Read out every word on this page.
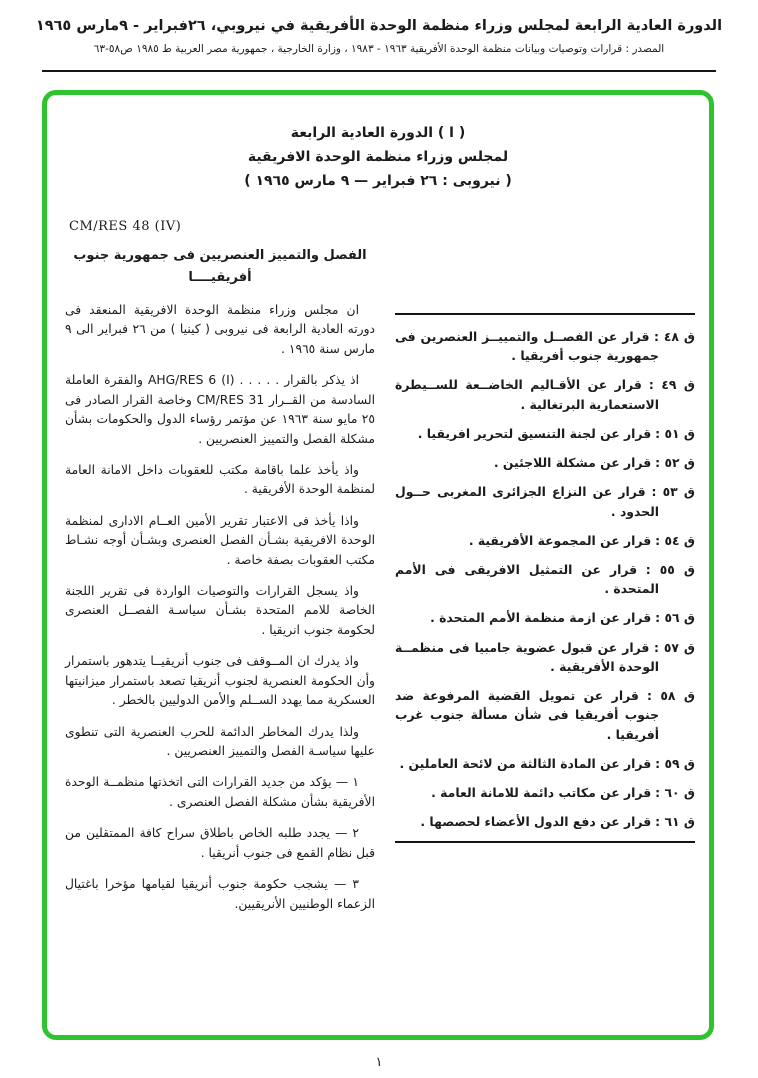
الدورة العادية الرابعة لمجلس وزراء منظمة الوحدة الأفريقية في نيروبي، ٢٦فبراير - ٩مارس ١٩٦٥
المصدر : قرارات وتوصيات وبيانات منظمة الوحدة الأفريقية ١٩٦٣ - ١٩٨٣ ، وزارة الخارجية ، جمهورية مصر العربية ط ١٩٨٥ ص٥٨-٦٣
( ا ) الدورة العادية الرابعة
لمجلس وزراء منظمة الوحدة الافريقية
( نيروبى : ٢٦ فبراير — ٩ مارس ١٩٦٥ )
CM/RES 48 (IV)
الفصل والتمييز العنصريين فى جمهورية جنوب
أفريقيــــا

ان مجلس وزراء منظمة الوحدة الافريقية المنعقد فى دورته العادية الرابعة فى نيروبى ( كينيا ) من ٢٦ فبراير الى ٩ مارس سنة ١٩٦٥ .

اذ يذكر بالقرار . . . . . AHG/RES 6 (I) والفقرة العاملة السادسة من القــرار CM/RES 31 وخاصة القرار الصادر فى ٢٥ مايو سنة ١٩٦٣ عن مؤتمر رؤساء الدول والحكومات بشأن مشكلة الفصل والتمييز العنصريين .

واذ يأخذ علما باقامة مكتب للعقوبات داخل الامانة العامة لمنظمة الوحدة الأفريقية .

واذا يأخذ فى الاعتبار تقرير الأمين العــام الادارى لمنظمة الوحدة الافريقية بشـأن الفصل العنصرى وبشـأن أوجه نشـاط مكتب العقوبات بصفة خاصة .

واذ يسجل القرارات والتوصيات الواردة فى تقرير اللجنة الخاصة للامم المتحدة بشـأن سياسـة الفصــل العنصرى لحكومة جنوب انريقيا .

واذ يدرك ان المــوقف فى جنوب أنريقيــا يتدهور باستمرار وأن الحكومة العنصرية لجنوب أنريقيا تصعد باستمرار ميزانيتها العسكرية مما يهدد الســلم والأمن الدوليين بالخطر .

ولذا يدرك المخاطر الدائمة للحرب العنصرية التى تنطوى عليها سياسـة الفصل والتمييز العنصريين .

١ — يؤكد من جديد القرارات التى اتخذتها منظمــة الوحدة الأفريقية بشأن مشكلة الفصل العنصرى .

٢ — يجدد طلبه الخاص باطلاق سراح كافة الممتقلين من قبل نظام القمع فى جنوب أنريقيا .

٣ — يشجب حكومة جنوب أنريقيا لقيامها مؤخرا باغتيال الزعماء الوطنيين الأنريقيين.

ق ٤٨ : قرار عن الفصــل والتمييــز العنصرين فى جمهورية جنوب أفريقيا .
ق ٤٩ : قرار عن الأقـاليم الخاضــعة للســيطرة الاستعمارية البرتغالية .
ق ٥١ : قرار عن لجنة التنسيق لتحرير افريقيا .
ق ٥٢ : قرار عن مشكلة اللاجئين .
ق ٥٣ : قرار عن النزاع الجزائرى المغربى حــول الحدود .
ق ٥٤ : قرار عن المجموعة الأفريقية .
ق ٥٥ : قرار عن التمثيل الافريقى فى الأمم المتحدة .
ق ٥٦ : قرار عن ازمة منظمة الأمم المتحدة .
ق ٥٧ : قرار عن قبول عضوية جامبيا فى منظمــة الوحدة الأفريقية .
ق ٥٨ : قرار عن تمويل القضية المرفوعة ضد جنوب أفريقيا فى شأن مسألة جنوب غرب أفريقيا .
ق ٥٩ : قرار عن المادة الثالثة من لائحة العاملين .
ق ٦٠ : قرار عن مكاتب دائمة للامانة العامة .
ق ٦١ : قرار عن دفع الدول الأعضاء لحصصها .
١
